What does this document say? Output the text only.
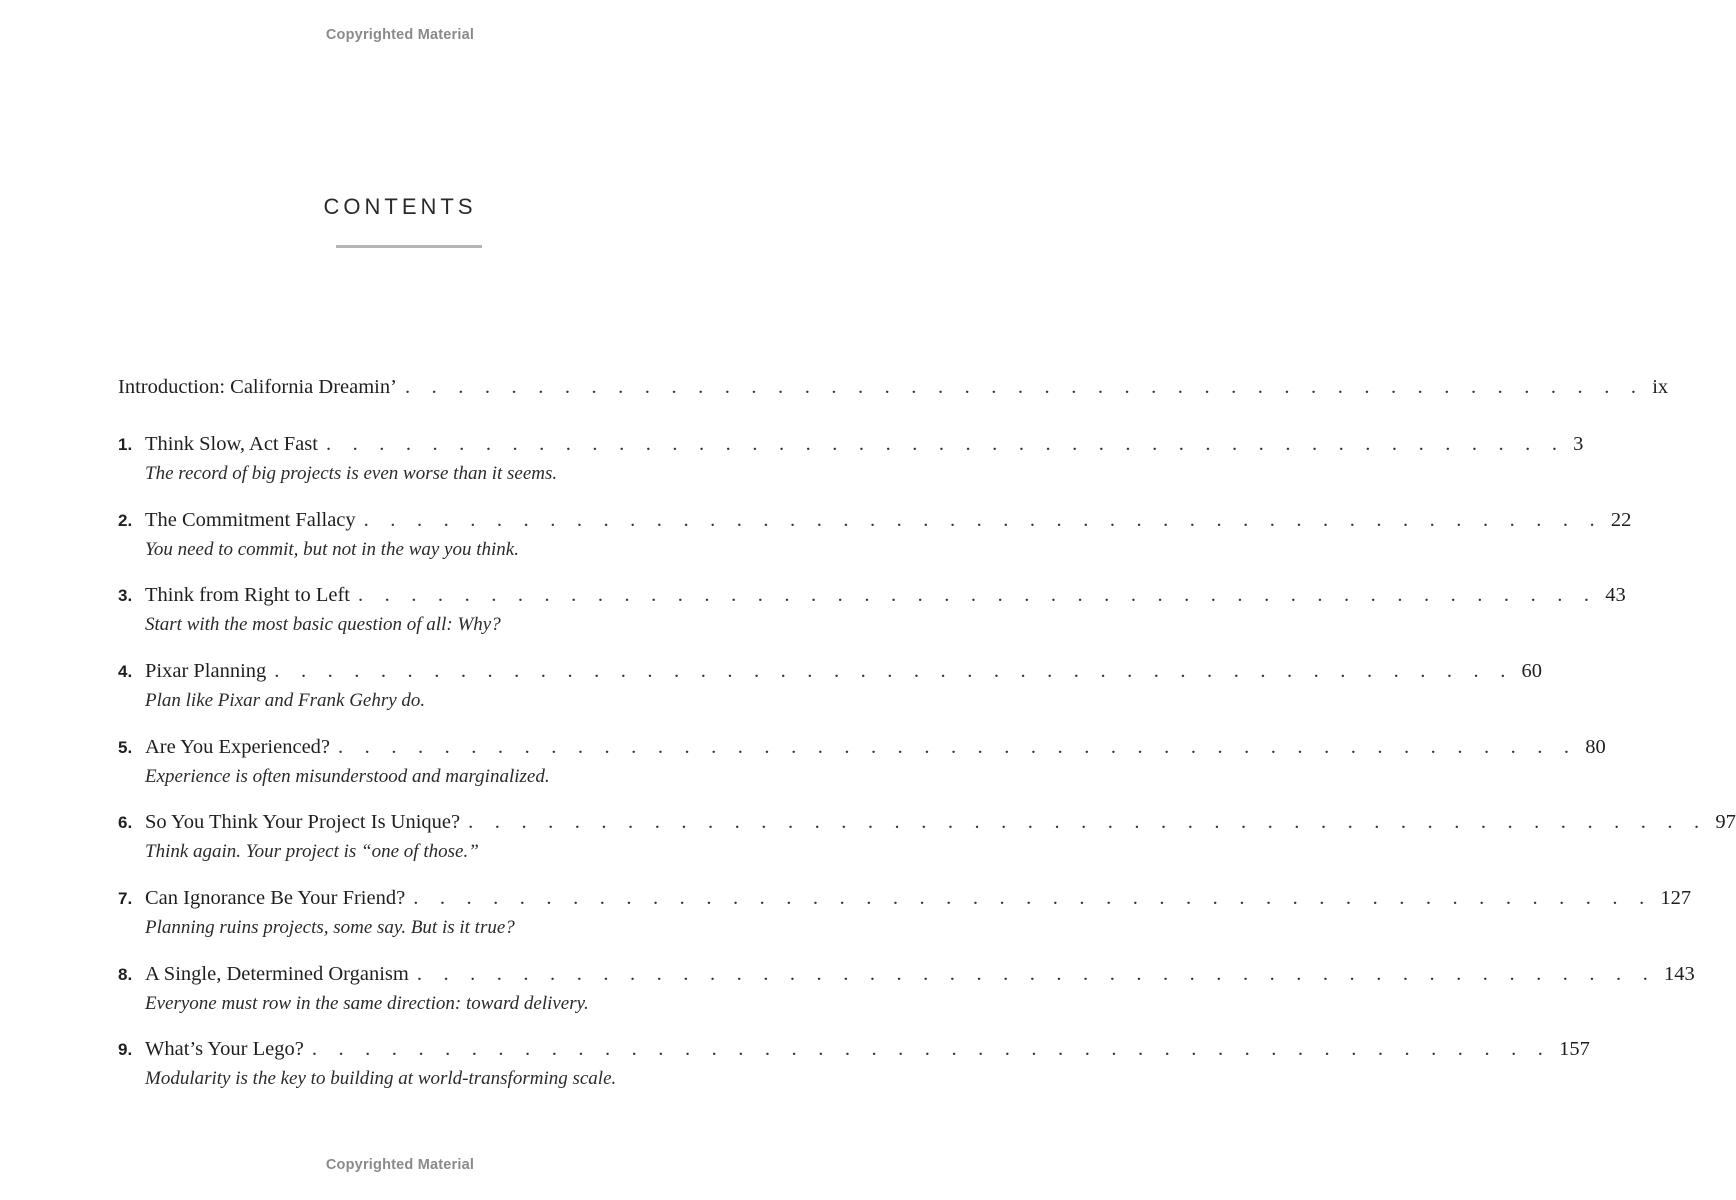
Copyrighted Material
CONTENTS
Introduction: California Dreamin’ . . . . . . . . . . . . . . . . . . . . . . . . . . . . . . . . . . . . . . . . . . . . . . . ix
1. Think Slow, Act Fast . . . . . . . . . . . . . . . . . . . . . . . . . . . . . . . . . . . . . . . . . . . . . . . 3
The record of big projects is even worse than it seems.
2. The Commitment Fallacy . . . . . . . . . . . . . . . . . . . . . . . . . . . . . . . . . . . . . . . . . . . . . . . 22
You need to commit, but not in the way you think.
3. Think from Right to Left . . . . . . . . . . . . . . . . . . . . . . . . . . . . . . . . . . . . . . . . . . . . . . . 43
Start with the most basic question of all: Why?
4. Pixar Planning . . . . . . . . . . . . . . . . . . . . . . . . . . . . . . . . . . . . . . . . . . . . . . . 60
Plan like Pixar and Frank Gehry do.
5. Are You Experienced? . . . . . . . . . . . . . . . . . . . . . . . . . . . . . . . . . . . . . . . . . . . . . . . 80
Experience is often misunderstood and marginalized.
6. So You Think Your Project Is Unique? . . . . . . . . . . . . . . . . . . . . . . . . . . . . . . . . . . . . . . . . . . . . . . . 97
Think again. Your project is “one of those.”
7. Can Ignorance Be Your Friend? . . . . . . . . . . . . . . . . . . . . . . . . . . . . . . . . . . . . . . . . . . . . . . . 127
Planning ruins projects, some say. But is it true?
8. A Single, Determined Organism . . . . . . . . . . . . . . . . . . . . . . . . . . . . . . . . . . . . . . . . . . . . . . . 143
Everyone must row in the same direction: toward delivery.
9. What’s Your Lego? . . . . . . . . . . . . . . . . . . . . . . . . . . . . . . . . . . . . . . . . . . . . . . . 157
Modularity is the key to building at world-transforming scale.
Copyrighted Material
